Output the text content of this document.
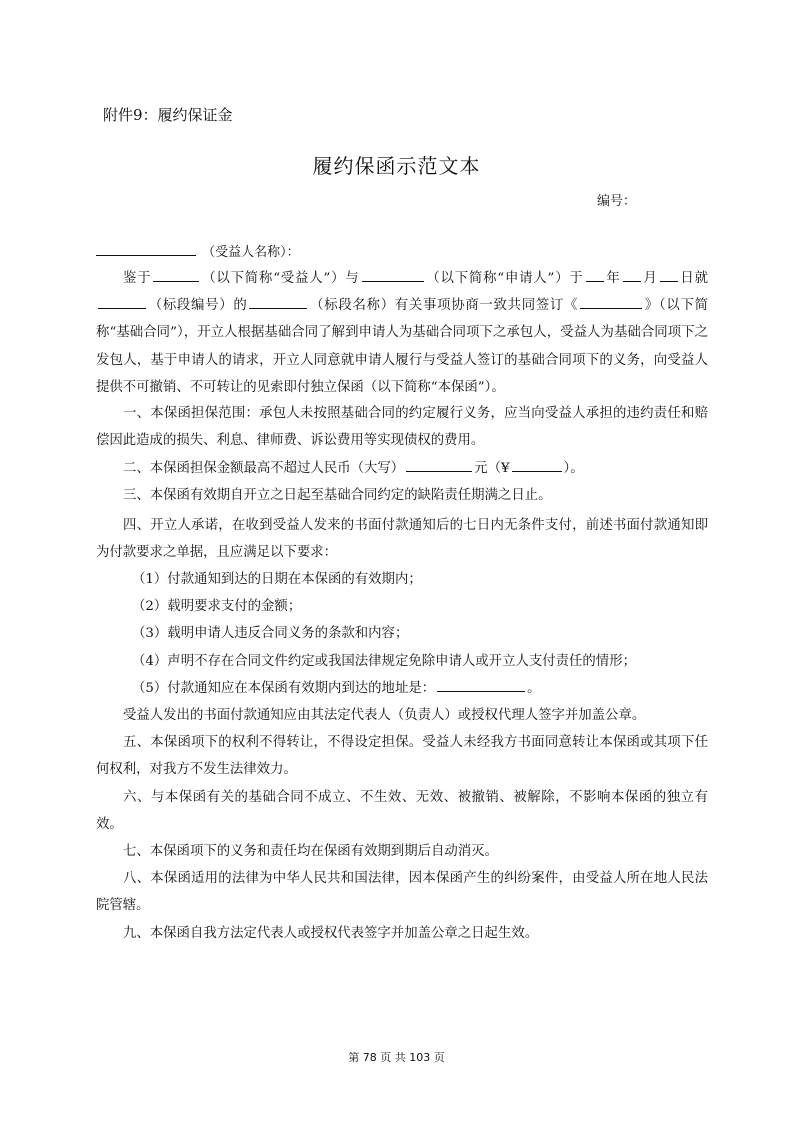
附件9：履约保证金
履约保函示范文本
编号：
（受益人名称）：

鉴于	（以下简称“受益人”）与	（以下简称“申请人”）于 年 月 日就（标段编号）的	（标段名称）有关事项协商一致共同签订《	》（以下简称“基础合同”），开立人根据基础合同了解到申请人为基础合同项下之承包人，受益人为基础合同项下之发包人，基于申请人的请求，开立人同意就申请人履行与受益人签订的基础合同项下的义务，向受益人提供不可撤销、不可转让的见索即付独立保函（以下简称“本保函”）。

一、本保函担保范围：承包人未按照基础合同的约定履行义务，应当向受益人承担的违约责任和赔偿因此造成的损失、利息、律师费、诉讼费用等实现债权的费用。

二、本保函担保金额最高不超过人民币（大写）	元（¥	）。

三、本保函有效期自开立之日起至基础合同约定的缺陷责任期满之日止。

四、开立人承诺，在收到受益人发来的书面付款通知后的七日内无条件支付，前述书面付款通知即为付款要求之单据，且应满足以下要求：

（1）付款通知到达的日期在本保函的有效期内；

（2）载明要求支付的金额；

（3）载明申请人违反合同义务的条款和内容；

（4）声明不存在合同文件约定或我国法律规定免除申请人或开立人支付责任的情形；

（5）付款通知应在本保函有效期内到达的地址是：	。

受益人发出的书面付款通知应由其法定代表人（负责人）或授权代理人签字并加盖公章。

五、本保函项下的权利不得转让，不得设定担保。受益人未经我方书面同意转让本保函或其项下任何权利，对我方不发生法律效力。

六、与本保函有关的基础合同不成立、不生效、无效、被撤销、被解除，不影响本保函的独立有效。

七、本保函项下的义务和责任均在保函有效期到期后自动消灭。

八、本保函适用的法律为中华人民共和国法律，因本保函产生的纠纷案件，由受益人所在地人民法院管辖。

九、本保函自我方法定代表人或授权代表签字并加盖公章之日起生效。

第 78 页 共 103 页
